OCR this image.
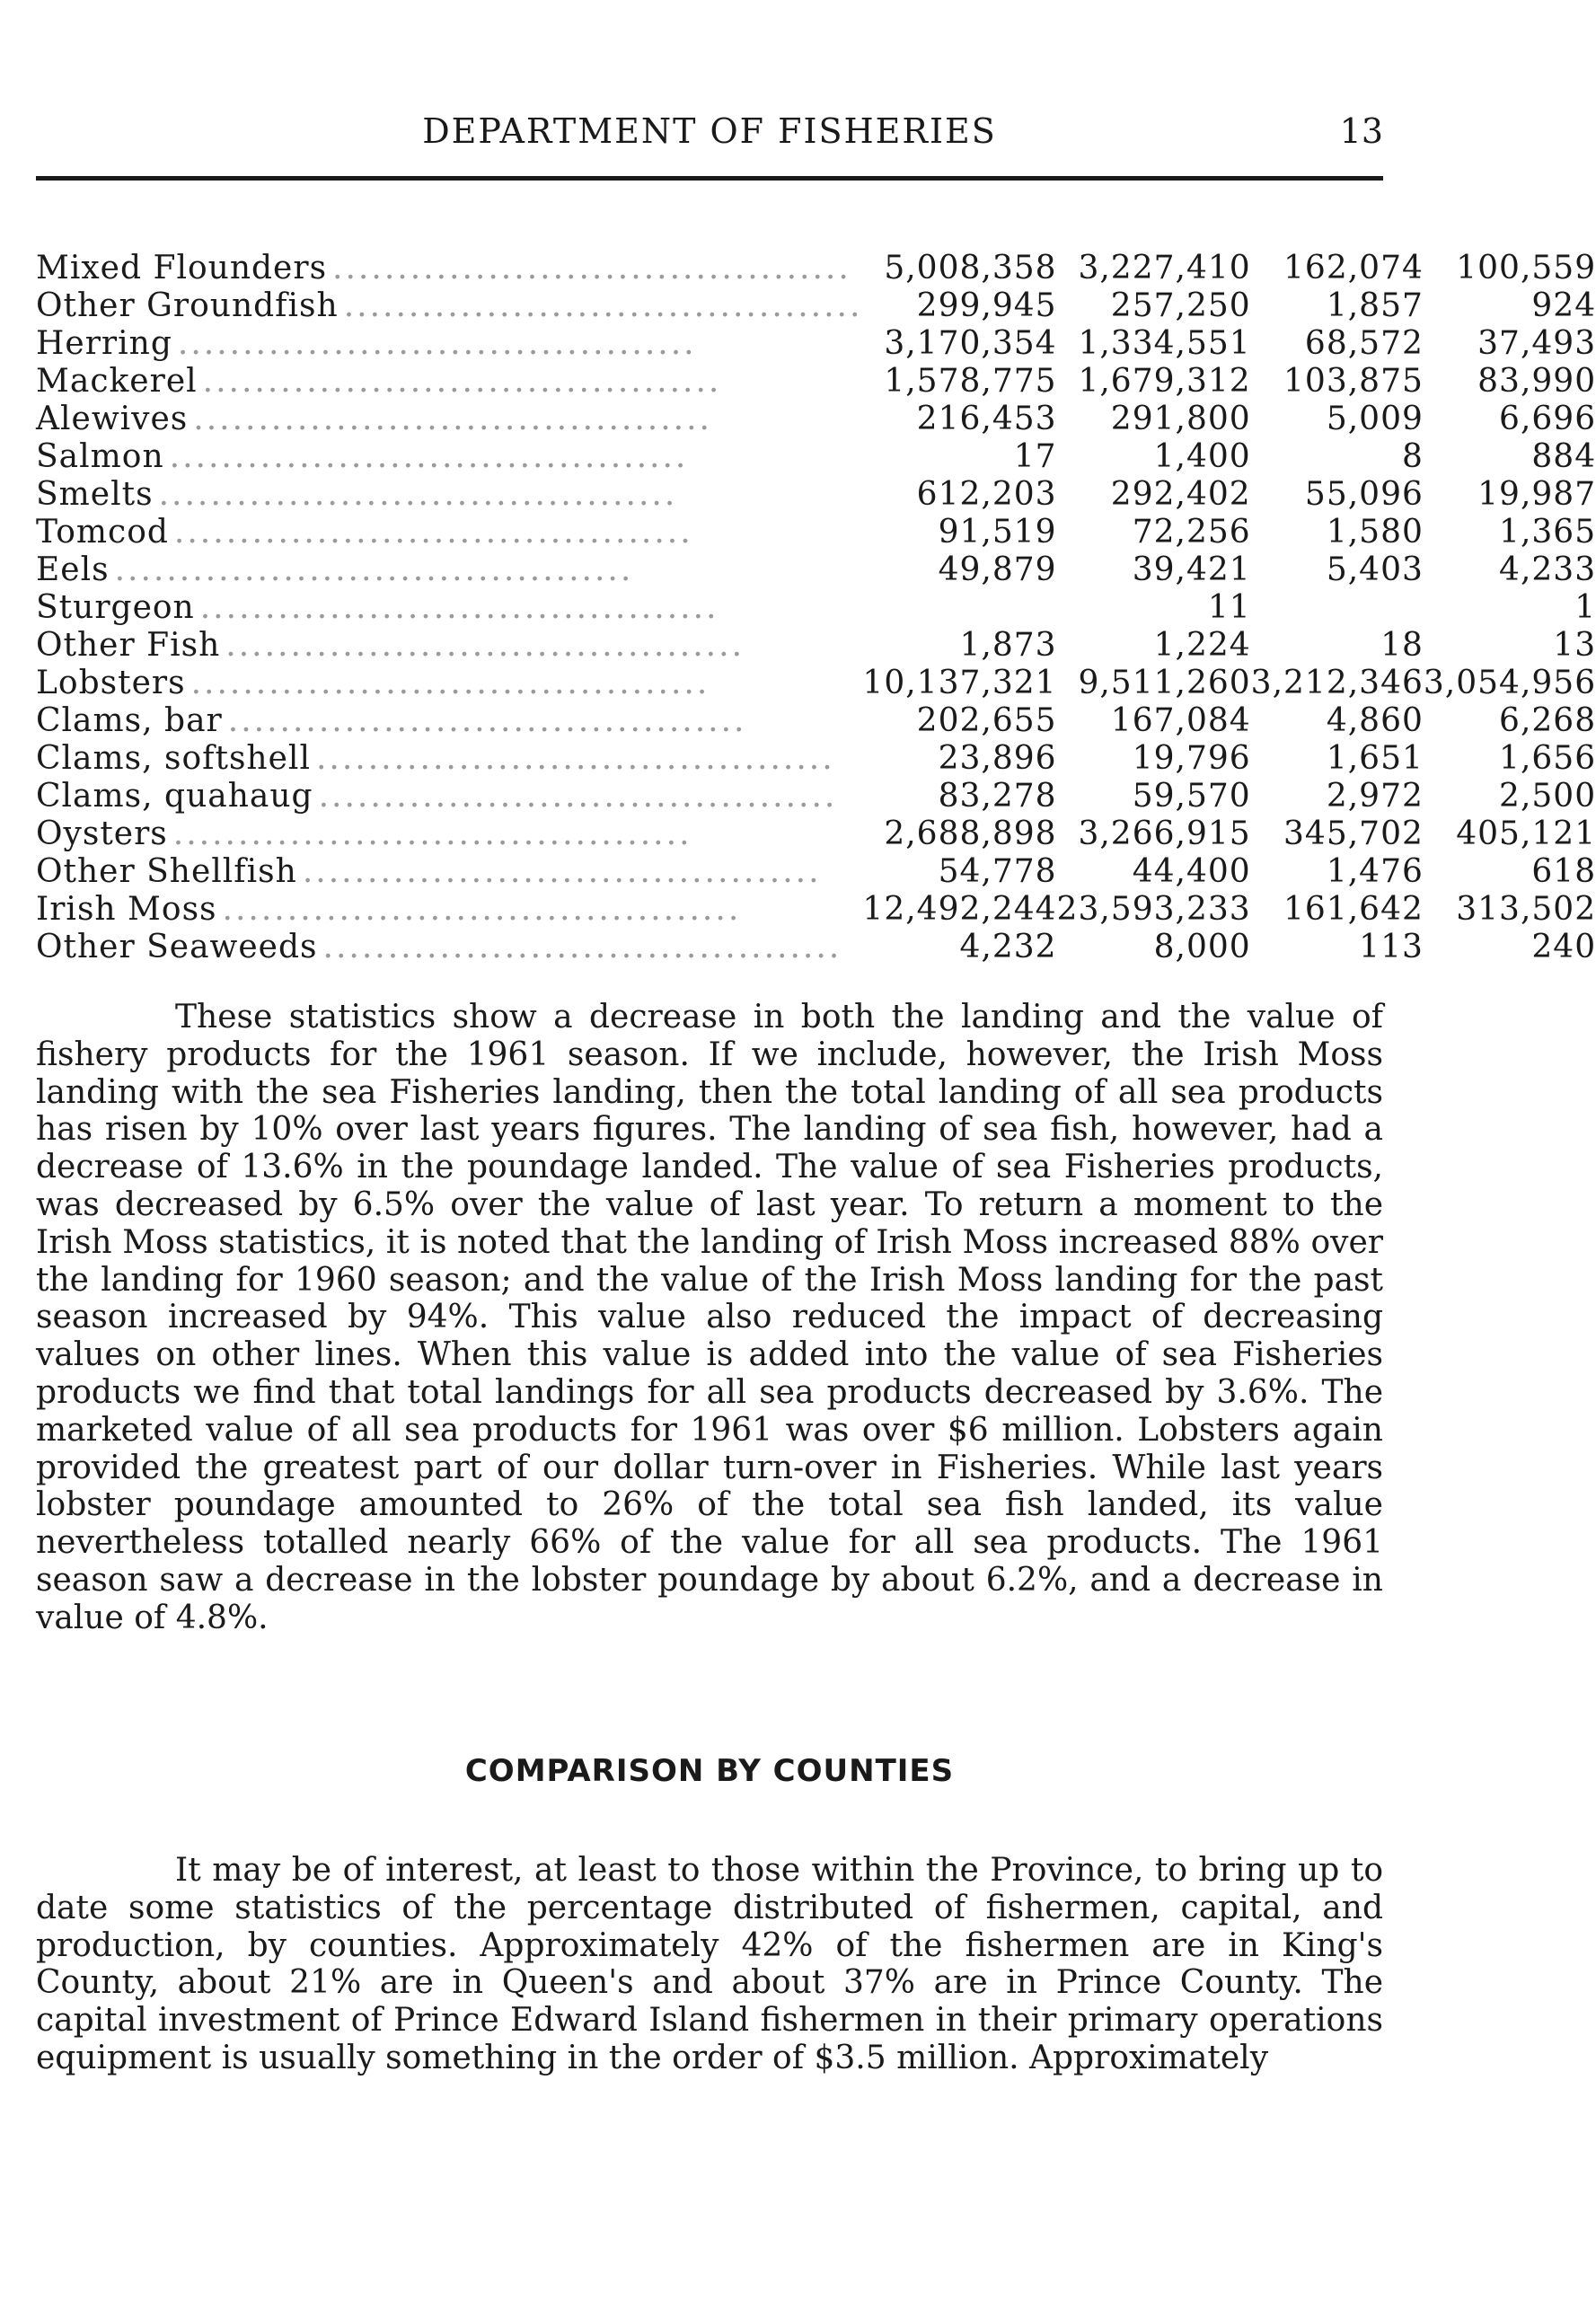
DEPARTMENT OF FISHERIES	13
Mixed Flounders ........................................	5,008,358	3,227,410	162,074	100,559
Other Groundfish ........................................	299,945	257,250	1,857	924
Herring ........................................	3,170,354	1,334,551	68,572	37,493
Mackerel ........................................	1,578,775	1,679,312	103,875	83,990
Alewives ........................................	216,453	291,800	5,009	6,696
Salmon ........................................	17	1,400	8	884
Smelts ........................................	612,203	292,402	55,096	19,987
Tomcod ........................................	91,519	72,256	1,580	1,365
Eels ........................................	49,879	39,421	5,403	4,233
Sturgeon ........................................		11		1
Other Fish ........................................	1,873	1,224	18	13
Lobsters ........................................	10,137,321	9,511,260	3,212,346	3,054,956
Clams, bar ........................................	202,655	167,084	4,860	6,268
Clams, softshell ........................................	23,896	19,796	1,651	1,656
Clams, quahaug ........................................	83,278	59,570	2,972	2,500
Oysters ........................................	2,688,898	3,266,915	345,702	405,121
Other Shellfish ........................................	54,778	44,400	1,476	618
Irish Moss ........................................	12,492,244	23,593,233	161,642	313,502
Other Seaweeds ........................................	4,232	8,000	113	240

These statistics show a decrease in both the landing and the value of fishery products for the 1961 season. If we include, however, the Irish Moss landing with the sea Fisheries landing, then the total landing of all sea products has risen by 10% over last years figures. The landing of sea fish, however, had a decrease of 13.6% in the poundage landed. The value of sea Fisheries products, was decreased by 6.5% over the value of last year. To return a moment to the Irish Moss statistics, it is noted that the landing of Irish Moss increased 88% over the landing for 1960 season; and the value of the Irish Moss landing for the past season increased by 94%. This value also reduced the impact of decreasing values on other lines. When this value is added into the value of sea Fisheries products we find that total landings for all sea products decreased by 3.6%. The marketed value of all sea products for 1961 was over $6 million. Lobsters again provided the greatest part of our dollar turn-over in Fisheries. While last years lobster poundage amounted to 26% of the total sea fish landed, its value nevertheless totalled nearly 66% of the value for all sea products. The 1961 season saw a decrease in the lobster poundage by about 6.2%, and a decrease in value of 4.8%.

COMPARISON BY COUNTIES

It may be of interest, at least to those within the Province, to bring up to date some statistics of the percentage distributed of fishermen, capital, and production, by counties. Approximately 42% of the fishermen are in King's County, about 21% are in Queen's and about 37% are in Prince County. The capital investment of Prince Edward Island fishermen in their primary operations equipment is usually something in the order of $3.5 million. Approximately
